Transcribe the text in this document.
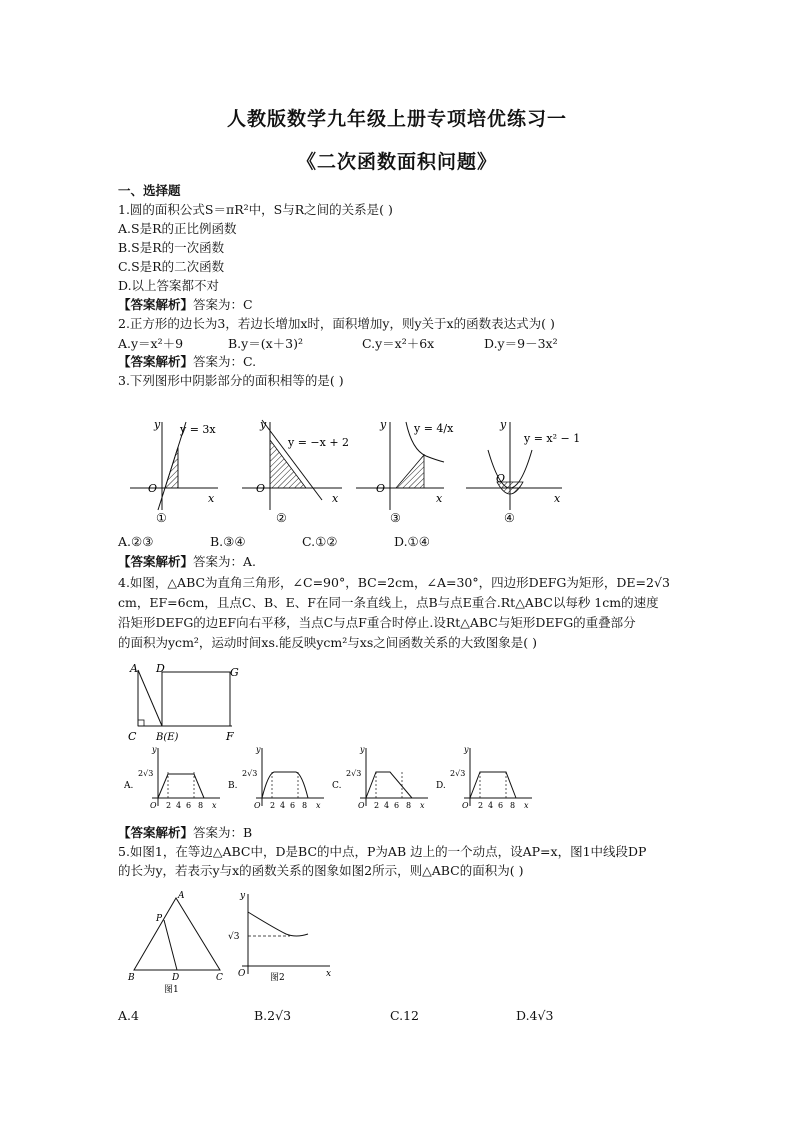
人教版数学九年级上册专项培优练习一
《二次函数面积问题》
一、选择题
1.圆的面积公式S＝πR²中，S与R之间的关系是( )
A.S是R的正比例函数
B.S是R的一次函数
C.S是R的二次函数
D.以上答案都不对
【答案解析】答案为：C
2.正方形的边长为3，若边长增加x时，面积增加y，则y关于x的函数表达式为( )
A.y＝x²＋9	B.y＝(x＋3)²	C.y＝x²＋6x	D.y＝9－3x²
【答案解析】答案为：C.
3.下列图形中阴影部分的面积相等的是( )
y
O
x
y = 3x
①
y
O
x
y = −x + 2
②
y
O
x
y = 4/x
③
y
O
x
y = x² − 1
④
A.②③	B.③④	C.①②	D.①④
【答案解析】答案为：A.
4.如图，△ABC为直角三角形，∠C=90°，BC=2cm，∠A=30°，四边形DEFG为矩形，DE=2√3
cm，EF=6cm，且点C、B、E、F在同一条直线上，点B与点E重合.Rt△ABC以每秒 1cm的速度
沿矩形DEFG的边EF向右平移，当点C与点F重合时停止.设Rt△ABC与矩形DEFG的重叠部分
的面积为ycm²，运动时间xs.能反映ycm²与xs之间函数关系的大致图象是( )
A D	G
C B(E)	F
A.
2√3
O 2 4 6 8 x
y
B.
2√3
O 2 4 6 8 x
y
C.
2√3
O 2 4 6 8 x
y
D.
2√3
O 2 4 6 8 x
y
【答案解析】答案为：B
5.如图1，在等边△ABC中，D是BC的中点，P为AB 边上的一个动点，设AP=x，图1中线段DP
的长为y，若表示y与x的函数关系的图象如图2所示，则△ABC的面积为( )
A
P
B	D	C
图1
y
√3
O	x
图2
A.4	B.2√3	C.12	D.4√3
